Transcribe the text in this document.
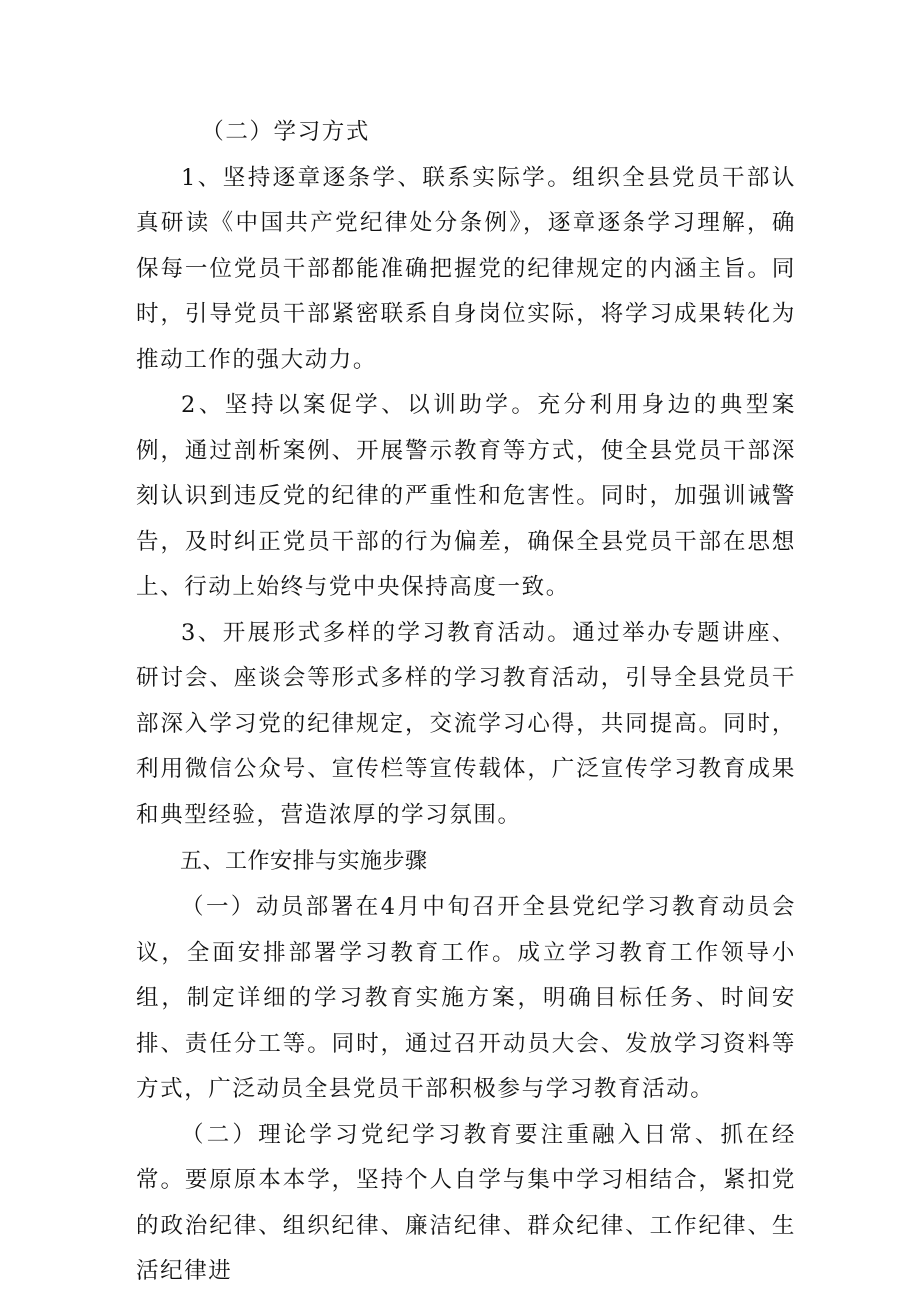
（二）学习方式

1、坚持逐章逐条学、联系实际学。组织全县党员干部认真研读《中国共产党纪律处分条例》，逐章逐条学习理解，确保每一位党员干部都能准确把握党的纪律规定的内涵主旨。同时，引导党员干部紧密联系自身岗位实际，将学习成果转化为推动工作的强大动力。

2、坚持以案促学、以训助学。充分利用身边的典型案例，通过剖析案例、开展警示教育等方式，使全县党员干部深刻认识到违反党的纪律的严重性和危害性。同时，加强训诫警告，及时纠正党员干部的行为偏差，确保全县党员干部在思想上、行动上始终与党中央保持高度一致。

3、开展形式多样的学习教育活动。通过举办专题讲座、研讨会、座谈会等形式多样的学习教育活动，引导全县党员干部深入学习党的纪律规定，交流学习心得，共同提高。同时，利用微信公众号、宣传栏等宣传载体，广泛宣传学习教育成果和典型经验，营造浓厚的学习氛围。

五、工作安排与实施步骤

（一）动员部署在4月中旬召开全县党纪学习教育动员会议，全面安排部署学习教育工作。成立学习教育工作领导小组，制定详细的学习教育实施方案，明确目标任务、时间安排、责任分工等。同时，通过召开动员大会、发放学习资料等方式，广泛动员全县党员干部积极参与学习教育活动。

（二）理论学习党纪学习教育要注重融入日常、抓在经常。要原原本本学，坚持个人自学与集中学习相结合，紧扣党的政治纪律、组织纪律、廉洁纪律、群众纪律、工作纪律、生活纪律进
